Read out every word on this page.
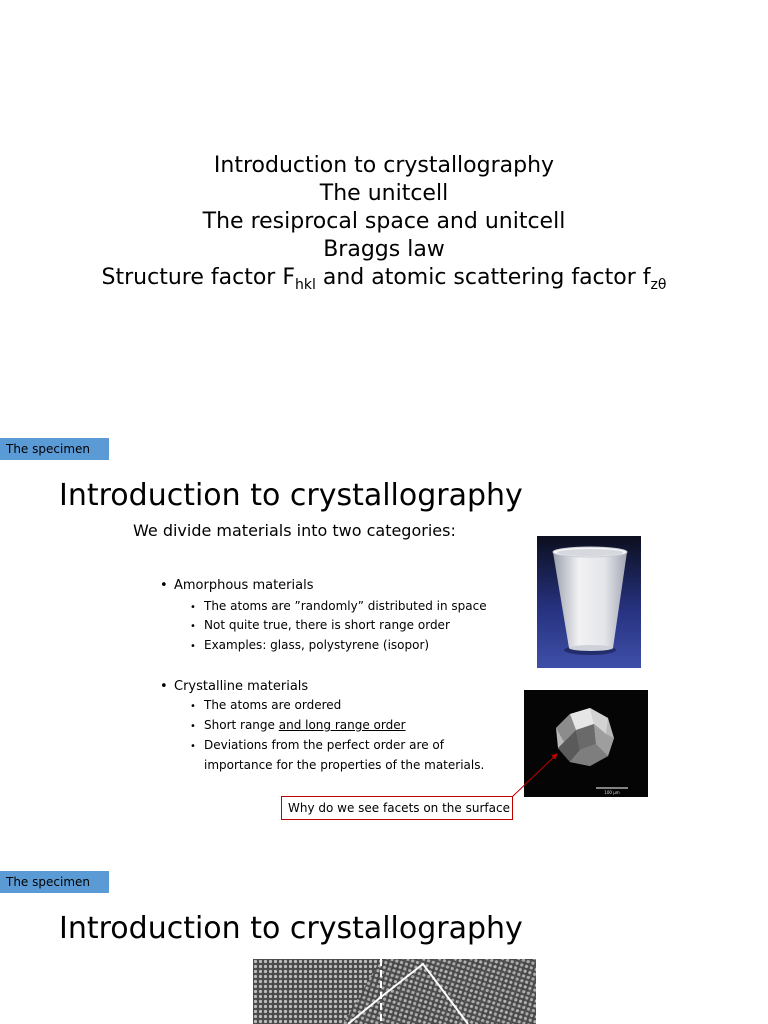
Introduction to crystallography
The unitcell
The resiprocal space and unitcell
Braggs law
Structure factor $F_{hkl}$ and atomic scattering factor $f_{z\theta}$
The specimen
Introduction to crystallography
We divide materials into two categories:
• Amorphous materials
• The atoms are ”randomly” distributed in space
• Not quite true, there is short range order
• Examples: glass, polystyrene (isopor)
• Crystalline materials
• The atoms are ordered
• Short range and long range order
• Deviations from the perfect order are of
importance for the properties of the materials.
100 μm
Why do we see facets on the surface
The specimen
Introduction to crystallography
